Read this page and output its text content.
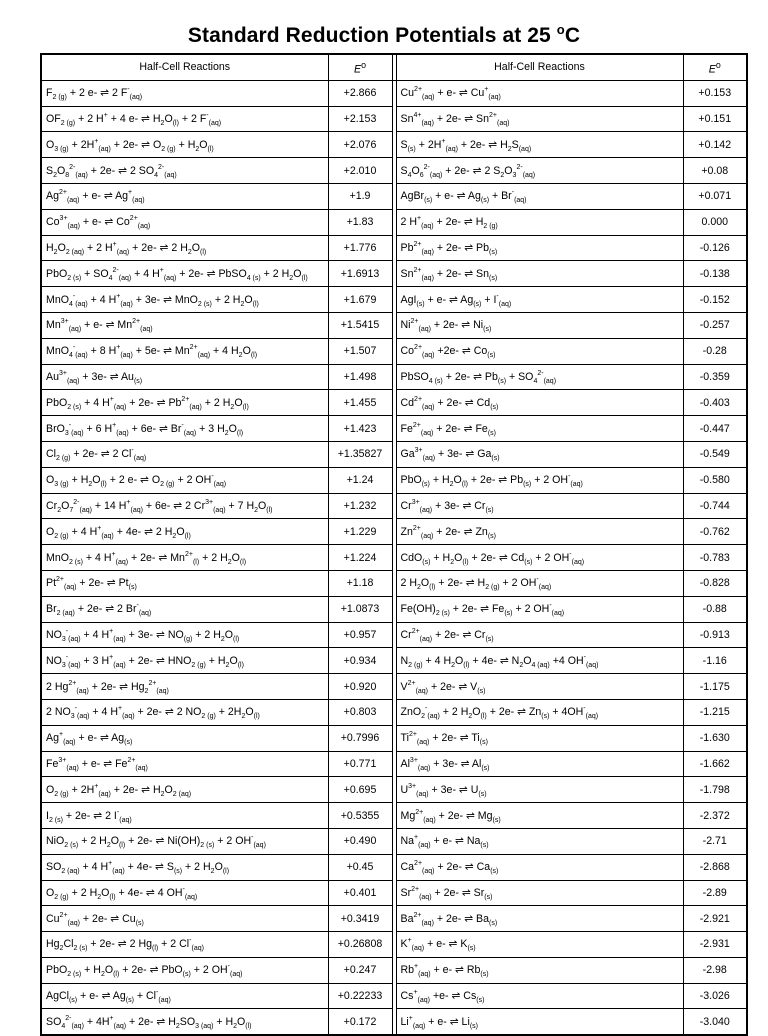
Standard Reduction Potentials at 25 $^o$C
Half-Cell Reactions	$E^o$		Half-Cell Reactions	$E^o$
$F_{2 (g)} + 2$ e- ⇌ 2 $F^-_{(aq)}$	+2.866		$Cu^{2+}_{(aq)} + e-$ ⇌ $Cu^+_{(aq)}$	+0.153
$OF_{2 (g)} + 2$ H+ + 4 e- ⇌ $H_2O_{(l)} + 2$ $F^-_{(aq)}$	+2.153		$Sn^{4+}_{(aq)} + 2e-$ ⇌ $Sn^{2+}_{(aq)}$	+0.151
$O_{3 (g)} + 2H^+_{(aq)} + 2e-$ ⇌ $O_{2 (g)} + H_2O_{(l)}$	+2.076		$S_{(s)} + 2H^+_{(aq)} + 2e-$ ⇌ $H_2S_{(aq)}$	+0.142
$S_2O_8^{2-}_{(aq)} + 2e-$ ⇌ 2 $SO_4^{2-}_{(aq)}$	+2.010		$S_4O_6^{2-}_{(aq)} + 2e-$ ⇌ 2 $S_2O_3^{2-}_{(aq)}$	+0.08
$Ag^{2+}_{(aq)} + e-$ ⇌ $Ag^+_{(aq)}$	+1.9		AgBr$_{(s)}$ + e- ⇌ $Ag_{(s)} + Br^-_{(aq)}$	+0.071
$Co^{3+}_{(aq)} + e-$ ⇌ $Co^{2+}_{(aq)}$	+1.83		2 $H^+_{(aq)} + 2e-$ ⇌ $H_{2 (g)}$	0.000
$H_2O_{2 (aq)} + 2$ $H^+_{(aq)} + 2e-$ ⇌ 2 $H_2O_{(l)}$	+1.776		$Pb^{2+}_{(aq)} + 2e-$ ⇌ $Pb_{(s)}$	-0.126
$PbO_{2 (s)} + SO_4^{2-}_{(aq)} + 4$ $H^+_{(aq)} + 2e-$ ⇌ PbSO$_{4 (s)}$ + 2 $H_2O_{(l)}$	+1.6913		$Sn^{2+}_{(aq)} + 2e-$ ⇌ $Sn_{(s)}$	-0.138
MnO$_4$-$_{(aq)}$ + 4 $H^+_{(aq)} + 3e-$ ⇌ MnO$_{2 (s)}$ + 2 $H_2O_{(l)}$	+1.679		AgI$_{(s)}$ + e- ⇌ $Ag_{(s)} + I^-_{(aq)}$	-0.152
$Mn^{3+}_{(aq)} + e-$ ⇌ $Mn^{2+}_{(aq)}$	+1.5415		$Ni^{2+}_{(aq)} + 2e-$ ⇌ $Ni_{(s)}$	-0.257
MnO$_4$-$_{(aq)}$ + 8 $H^+_{(aq)} + 5e-$ ⇌ $Mn^{2+}_{(aq)} + 4$ $H_2O_{(l)}$	+1.507		$Co^{2+}_{(aq)} +2e-$ ⇌ $Co_{(s)}$	-0.28
$Au^{3+}_{(aq)} + 3e-$ ⇌ $Au_{(s)}$	+1.498		PbSO$_{4 (s)}$ + 2e- ⇌ $Pb_{(s)} + SO_4^{2-}_{(aq)}$	-0.359
PbO$_{2 (s)}$ + 4 $H^+_{(aq)} + 2e-$ ⇌ $Pb^{2+}_{(aq)} + 2$ $H_2O_{(l)}$	+1.455		$Cd^{2+}_{(aq)} + 2e-$ ⇌ $Cd_{(s)}$	-0.403
BrO$_3$-$_{(aq)}$ + 6 $H^+_{(aq)} + 6e-$ ⇌ $Br^-_{(aq)} + 3$ $H_2O_{(l)}$	+1.423		$Fe^{2+}_{(aq)} + 2e-$ ⇌ $Fe_{(s)}$	-0.447
$Cl_{2 (g)} + 2e-$ ⇌ 2 $Cl^-_{(aq)}$	+1.35827		$Ga^{3+}_{(aq)} + 3e-$ ⇌ $Ga_{(s)}$	-0.549
$O_{3 (g)} + H_2O_{(l)} + 2$ e- ⇌ $O_{2 (g)} + 2$ $OH^-_{(aq)}$	+1.24		$PbO_{(s)} + H_2O_{(l)} + 2e-$ ⇌ $Pb_{(s)} + 2$ $OH^-_{(aq)}$	-0.580
$Cr_2O_7^{2-}_{(aq)} + 14$ $H^+_{(aq)} + 6e-$ ⇌ 2 $Cr^{3+}_{(aq)} + 7$ $H_2O_{(l)}$	+1.232		$Cr^{3+}_{(aq)} + 3e-$ ⇌ $Cr_{(s)}$	-0.744
$O_{2 (g)} + 4$ $H^+_{(aq)} + 4e-$ ⇌ 2 $H_2O_{(l)}$	+1.229		$Zn^{2+}_{(aq)} + 2e-$ ⇌ $Zn_{(s)}$	-0.762
MnO$_{2 (s)}$ + 4 $H^+_{(aq)} + 2e-$ ⇌ $Mn^{2+}_{(l)} + 2$ $H_2O_{(l)}$	+1.224		$CdO_{(s)} + H_2O_{(l)} + 2e-$ ⇌ $Cd_{(s)} + 2$ $OH^-_{(aq)}$	-0.783
$Pt^{2+}_{(aq)} + 2e-$ ⇌ $Pt_{(s)}$	+1.18		2 $H_2O_{(l)} + 2e-$ ⇌ $H_{2 (g)} + 2$ $OH^-_{(aq)}$	-0.828
$Br_{2 (aq)} + 2e-$ ⇌ 2 $Br^-_{(aq)}$	+1.0873		$Fe(OH)_{2 (s)} + 2e-$ ⇌ $Fe_{(s)} + 2$ $OH^-_{(aq)}$	-0.88
$NO_3^-_{(aq)} + 4$ $H^+_{(aq)} + 3e-$ ⇌ $NO_{(g)} + 2$ $H_2O_{(l)}$	+0.957		$Cr^{2+}_{(aq)} + 2e-$ ⇌ $Cr_{(s)}$	-0.913
$NO_3^-_{(aq)} + 3$ $H^+_{(aq)} + 2e-$ ⇌ $HNO_{2 (g)} + H_2O_{(l)}$	+0.934		$N_{2 (g)} + 4$ $H_2O_{(l)} + 4e-$ ⇌ $N_2O_{4 (aq)} +4$ $OH^-_{(aq)}$	-1.16
2 $Hg^{2+}_{(aq)} + 2e-$ ⇌ $Hg_2^{2+}_{(aq)}$	+0.920		$V^{2+}_{(aq)} + 2e-$ ⇌ $V_{(s)}$	-1.175
2 $NO_3^-_{(aq)} + 4$ $H^+_{(aq)} + 2e-$ ⇌ 2 $NO_{2 (g)} + 2H_2O_{(l)}$	+0.803		ZnO$_2$-$_{(aq)}$ + 2 $H_2O_{(l)} + 2e-$ ⇌ $Zn_{(s)} + 4OH^-_{(aq)}$	-1.215
$Ag^+_{(aq)} + e-$ ⇌ $Ag_{(s)}$	+0.7996		$Ti^{2+}_{(aq)} + 2e-$ ⇌ $Ti_{(s)}$	-1.630
$Fe^{3+}_{(aq)} + e-$ ⇌ $Fe^{2+}_{(aq)}$	+0.771		$Al^{3+}_{(aq)} + 3e-$ ⇌ $Al_{(s)}$	-1.662
$O_{2 (g)} + 2H^+_{(aq)} + 2e-$ ⇌ $H_2O_{2 (aq)}$	+0.695		$U^{3+}_{(aq)} + 3e-$ ⇌ $U_{(s)}$	-1.798
$I_{2 (s)} + 2e-$ ⇌ 2 $I^-_{(aq)}$	+0.5355		$Mg^{2+}_{(aq)} + 2e-$ ⇌ $Mg_{(s)}$	-2.372
NiO$_{2 (s)}$ + 2 $H_2O_{(l)} + 2e-$ ⇌ $Ni(OH)_{2 (s)} + 2$ $OH^-_{(aq)}$	+0.490		$Na^+_{(aq)} + e-$ ⇌ $Na_{(s)}$	-2.71
$SO_{2 (aq)} + 4$ $H^+_{(aq)} + 4e-$ ⇌ $S_{(s)} + 2$ $H_2O_{(l)}$	+0.45		$Ca^{2+}_{(aq)} + 2e-$ ⇌ $Ca_{(s)}$	-2.868
$O_{2 (g)} + 2$ $H_2O_{(l)} + 4e-$ ⇌ 4 $OH^-_{(aq)}$	+0.401		$Sr^{2+}_{(aq)} + 2e-$ ⇌ $Sr_{(s)}$	-2.89
$Cu^{2+}_{(aq)} + 2e-$ ⇌ $Cu_{(s)}$	+0.3419		$Ba^{2+}_{(aq)} + 2e-$ ⇌ $Ba_{(s)}$	-2.921
$Hg_2Cl_{2 (s)} + 2e-$ ⇌ 2 $Hg_{(l)} + 2$ $Cl^-_{(aq)}$	+0.26808		$K^+_{(aq)} + e-$ ⇌ $K_{(s)}$	-2.931
$PbO_{2 (s)} + H_2O_{(l)} + 2e-$ ⇌ PbO$_{(s)}$ + 2 $OH^-_{(aq)}$	+0.247		$Rb^+_{(aq)} + e-$ ⇌ $Rb_{(s)}$	-2.98
AgCl$_{(s)}$ + e- ⇌ $Ag_{(s)} + Cl^-_{(aq)}$	+0.22233		$Cs^+_{(aq)} +e-$ ⇌ $Cs_{(s)}$	-3.026
$SO_4^{2-}_{(aq)} + 4H^+_{(aq)} + 2e-$ ⇌ $H_2SO_{3 (aq)} + H_2O_{(l)}$	+0.172		$Li^+_{(aq)} + e-$ ⇌ $Li_{(s)}$	-3.040
